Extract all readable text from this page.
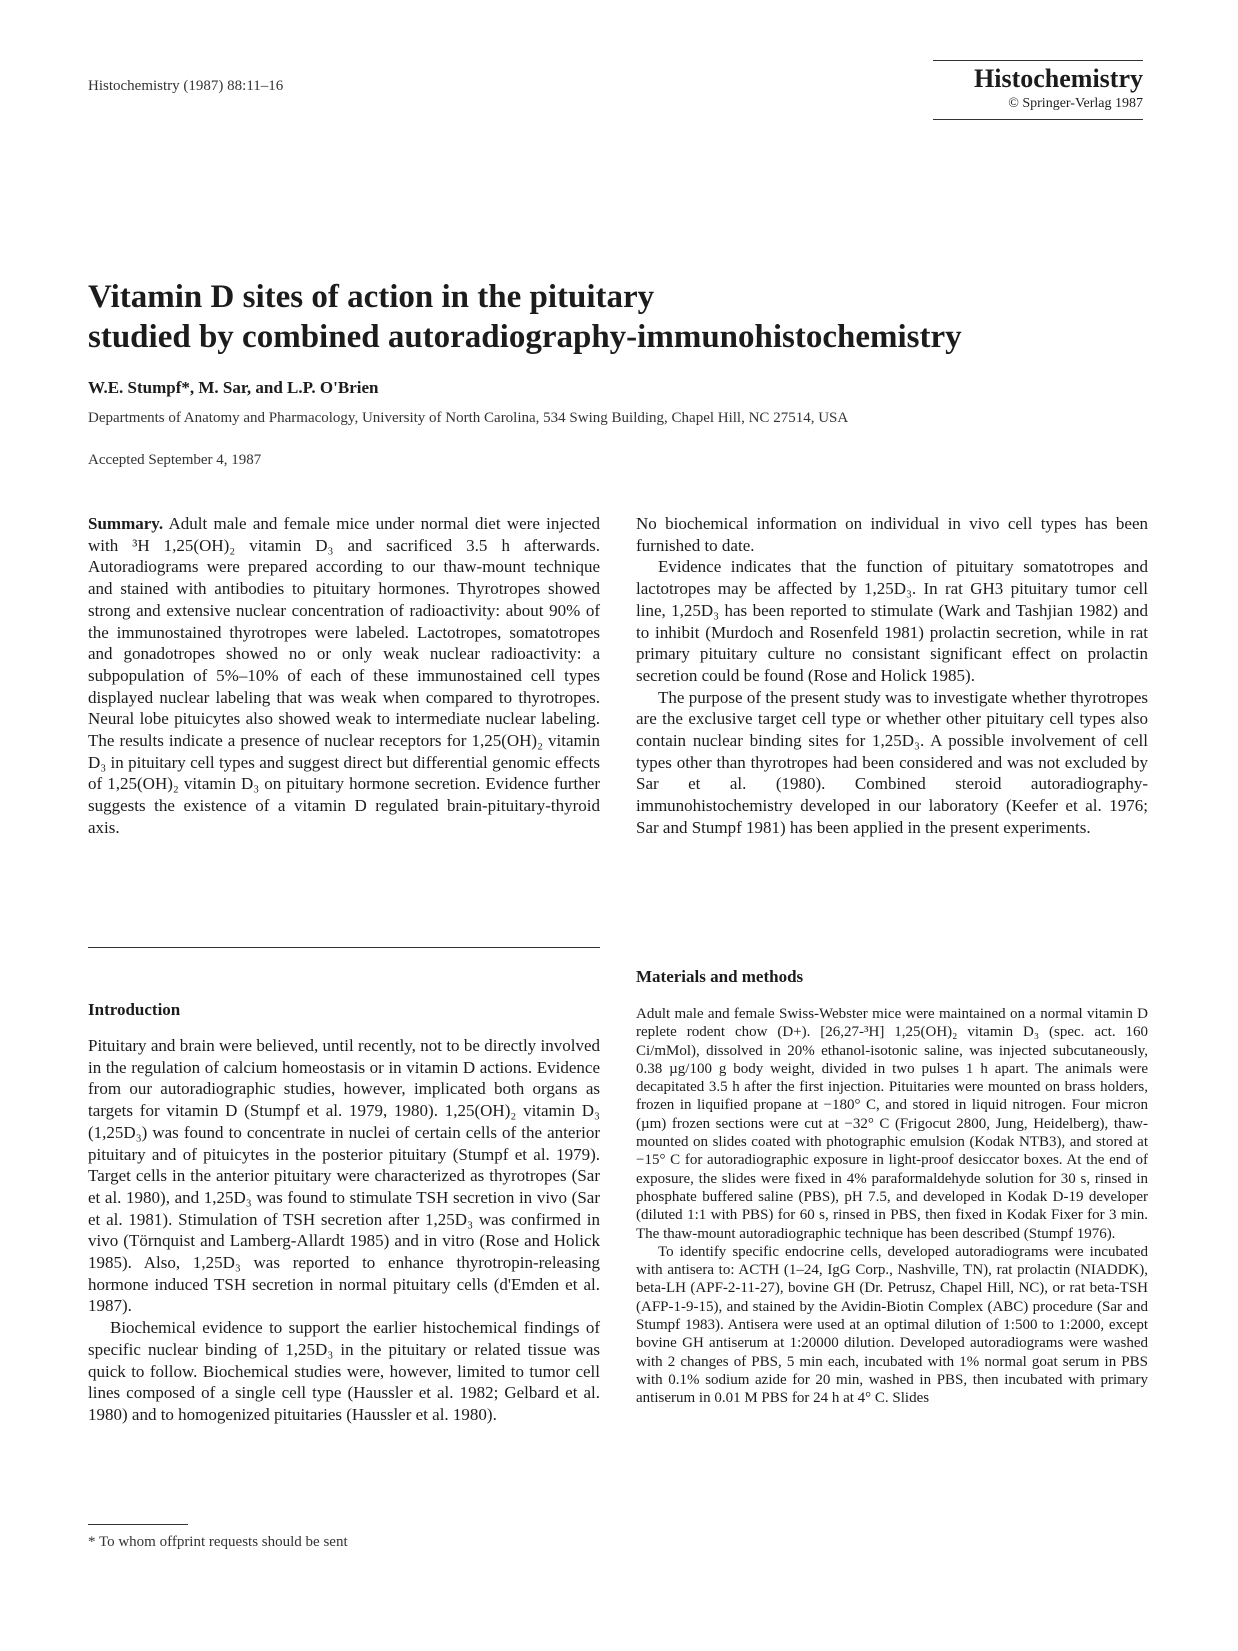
Histochemistry (1987) 88:11–16	Histochemistry
© Springer-Verlag 1987
Vitamin D sites of action in the pituitary
studied by combined autoradiography-immunohistochemistry
W.E. Stumpf*, M. Sar, and L.P. O'Brien
Departments of Anatomy and Pharmacology, University of North Carolina, 534 Swing Building, Chapel Hill, NC 27514, USA
Accepted September 4, 1987

Summary. Adult male and female mice under normal diet were injected with ³H 1,25(OH)₂ vitamin D₃ and sacrificed 3.5 h afterwards. Autoradiograms were prepared according to our thaw-mount technique and stained with antibodies to pituitary hormones. Thyrotropes showed strong and extensive nuclear concentration of radioactivity: about 90% of the immunostained thyrotropes were labeled. Lactotropes, somatotropes and gonadotropes showed no or only weak nuclear radioactivity: a subpopulation of 5%–10% of each of these immunostained cell types displayed nuclear labeling that was weak when compared to thyrotropes. Neural lobe pituicytes also showed weak to intermediate nuclear labeling. The results indicate a presence of nuclear receptors for 1,25(OH)₂ vitamin D₃ in pituitary cell types and suggest direct but differential genomic effects of 1,25(OH)₂ vitamin D₃ on pituitary hormone secretion. Evidence further suggests the existence of a vitamin D regulated brain-pituitary-thyroid axis.

Introduction

Pituitary and brain were believed, until recently, not to be directly involved in the regulation of calcium homeostasis or in vitamin D actions. Evidence from our autoradiographic studies, however, implicated both organs as targets for vitamin D (Stumpf et al. 1979, 1980). 1,25(OH)₂ vitamin D₃ (1,25D₃) was found to concentrate in nuclei of certain cells of the anterior pituitary and of pituicytes in the posterior pituitary (Stumpf et al. 1979). Target cells in the anterior pituitary were characterized as thyrotropes (Sar et al. 1980), and 1,25D₃ was found to stimulate TSH secretion in vivo (Sar et al. 1981). Stimulation of TSH secretion after 1,25D₃ was confirmed in vivo (Törnquist and Lamberg-Allardt 1985) and in vitro (Rose and Holick 1985). Also, 1,25D₃ was reported to enhance thyrotropin-releasing hormone induced TSH secretion in normal pituitary cells (d'Emden et al. 1987).

Biochemical evidence to support the earlier histochemical findings of specific nuclear binding of 1,25D₃ in the pituitary or related tissue was quick to follow. Biochemical studies were, however, limited to tumor cell lines composed of a single cell type (Haussler et al. 1982; Gelbard et al. 1980) and to homogenized pituitaries (Haussler et al. 1980).

No biochemical information on individual in vivo cell types has been furnished to date.

Evidence indicates that the function of pituitary somatotropes and lactotropes may be affected by 1,25D₃. In rat GH3 pituitary tumor cell line, 1,25D₃ has been reported to stimulate (Wark and Tashjian 1982) and to inhibit (Murdoch and Rosenfeld 1981) prolactin secretion, while in rat primary pituitary culture no consistant significant effect on prolactin secretion could be found (Rose and Holick 1985).

The purpose of the present study was to investigate whether thyrotropes are the exclusive target cell type or whether other pituitary cell types also contain nuclear binding sites for 1,25D₃. A possible involvement of cell types other than thyrotropes had been considered and was not excluded by Sar et al. (1980). Combined steroid autoradiography-immunohistochemistry developed in our laboratory (Keefer et al. 1976; Sar and Stumpf 1981) has been applied in the present experiments.

Materials and methods

Adult male and female Swiss-Webster mice were maintained on a normal vitamin D replete rodent chow (D+). [26,27-³H] 1,25(OH)₂ vitamin D₃ (spec. act. 160 Ci/mMol), dissolved in 20% ethanol-isotonic saline, was injected subcutaneously, 0.38 µg/100 g body weight, divided in two pulses 1 h apart. The animals were decapitated 3.5 h after the first injection. Pituitaries were mounted on brass holders, frozen in liquified propane at −180° C, and stored in liquid nitrogen. Four micron (µm) frozen sections were cut at −32° C (Frigocut 2800, Jung, Heidelberg), thaw-mounted on slides coated with photographic emulsion (Kodak NTB3), and stored at −15° C for autoradiographic exposure in light-proof desiccator boxes. At the end of exposure, the slides were fixed in 4% paraformaldehyde solution for 30 s, rinsed in phosphate buffered saline (PBS), pH 7.5, and developed in Kodak D-19 developer (diluted 1:1 with PBS) for 60 s, rinsed in PBS, then fixed in Kodak Fixer for 3 min. The thaw-mount autoradiographic technique has been described (Stumpf 1976).

To identify specific endocrine cells, developed autoradiograms were incubated with antisera to: ACTH (1–24, IgG Corp., Nashville, TN), rat prolactin (NIADDK), beta-LH (APF-2-11-27), bovine GH (Dr. Petrusz, Chapel Hill, NC), or rat beta-TSH (AFP-1-9-15), and stained by the Avidin-Biotin Complex (ABC) procedure (Sar and Stumpf 1983). Antisera were used at an optimal dilution of 1:500 to 1:2000, except bovine GH antiserum at 1:20000 dilution. Developed autoradiograms were washed with 2 changes of PBS, 5 min each, incubated with 1% normal goat serum in PBS with 0.1% sodium azide for 20 min, washed in PBS, then incubated with primary antiserum in 0.01 M PBS for 24 h at 4° C. Slides

* To whom offprint requests should be sent
